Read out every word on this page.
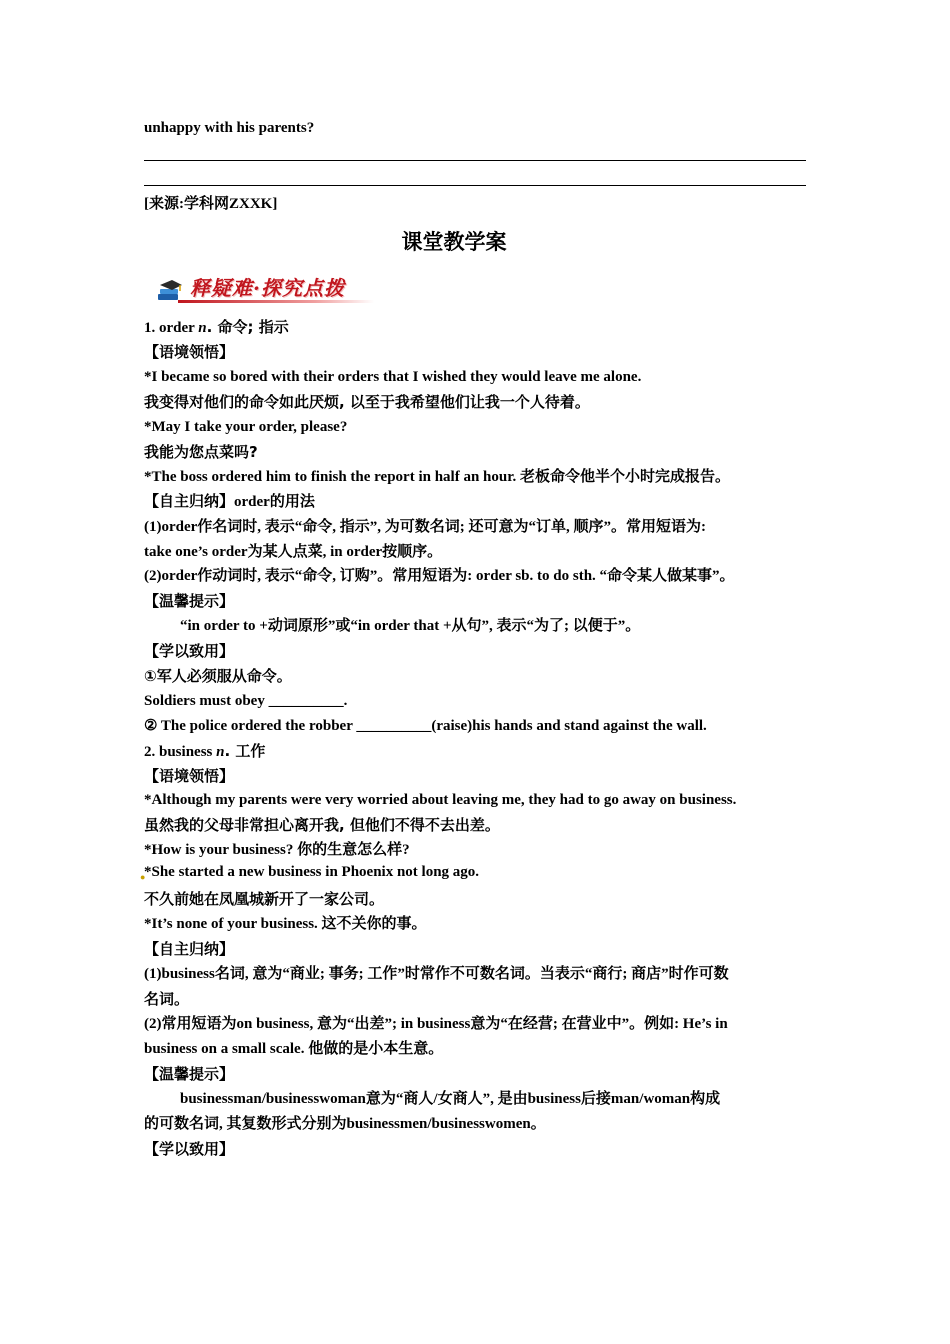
unhappy with his parents?
[来源:学科网ZXXK]
课堂教学案
释疑难·探究点拨
1. order n. 命令; 指示
【语境领悟】
*I became so bored with their orders that I wished they would leave me alone.
我变得对他们的命令如此厌烦, 以至于我希望他们让我一个人待着。
*May I take your order, please?
我能为您点菜吗?
*The boss ordered him to finish the report in half an hour. 老板命令他半个小时完成报告。
【自主归纳】order的用法
(1)order作名词时, 表示“命令, 指示”, 为可数名词; 还可意为“订单, 顺序”。常用短语为:
take one’s order为某人点菜, in order按顺序。
(2)order作动词时, 表示“命令, 订购”。常用短语为: order sb. to do sth. “命令某人做某事”。
【温馨提示】
“in order to +动词原形”或“in order that +从句”, 表示“为了; 以便于”。
【学以致用】
①军人必须服从命令。
Soldiers must obey __________.
② The police ordered the robber __________(raise)his hands and stand against the wall.
2. business n. 工作
【语境领悟】
*Although my parents were very worried about leaving me, they had to go away on business.
虽然我的父母非常担心离开我, 但他们不得不去出差。
*How is your business? 你的生意怎么样?
●
*She started a new business in Phoenix not long ago.
不久前她在凤凰城新开了一家公司。
*It’s none of your business. 这不关你的事。
【自主归纳】
(1)business名词, 意为“商业; 事务; 工作”时常作不可数名词。当表示“商行; 商店”时作可数
名词。
(2)常用短语为on business, 意为“出差”; in business意为“在经营; 在营业中”。例如: He’s in
business on a small scale. 他做的是小本生意。
【温馨提示】
businessman/businesswoman意为“商人/女商人”, 是由business后接man/woman构成
的可数名词, 其复数形式分别为businessmen/businesswomen。
【学以致用】
